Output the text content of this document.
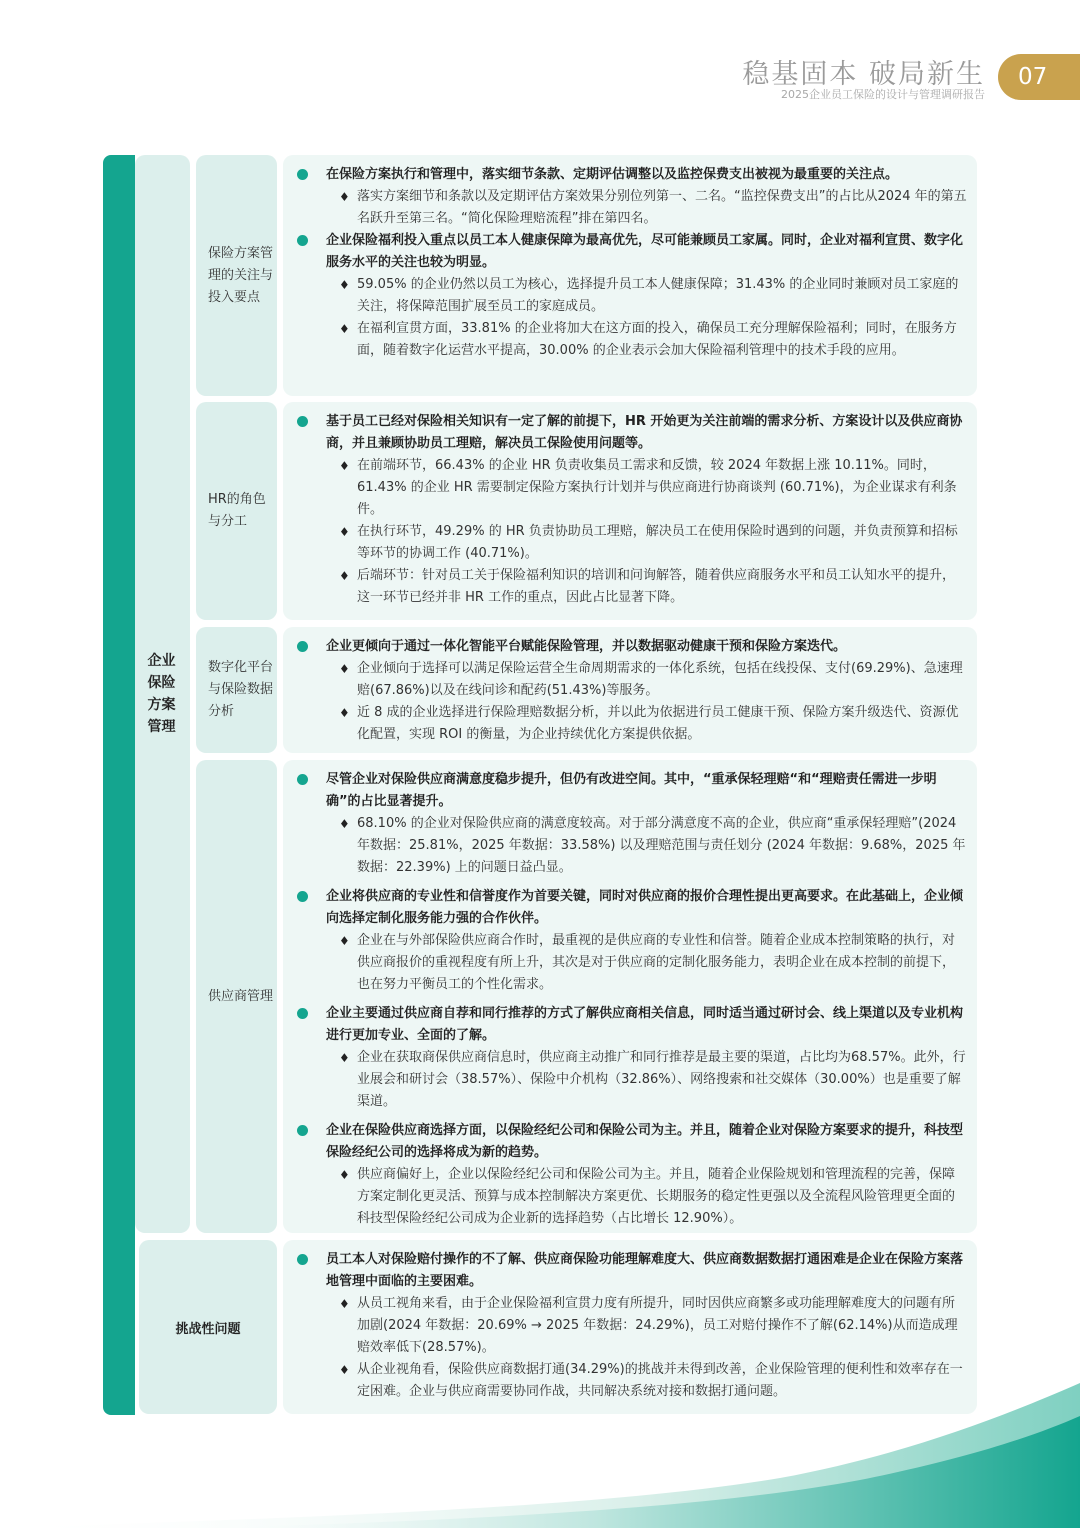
稳基固本 破局新生
2025企业员工保险的设计与管理调研报告
07
企业保险方案管理
保险方案管理的关注与投入要点
在保险方案执行和管理中，落实细节条款、定期评估调整以及监控保费支出被视为最重要的关注点。
♦ 落实方案细节和条款以及定期评估方案效果分别位列第一、二名。“监控保费支出”的占比从2024 年的第五名跃升至第三名。“简化保险理赔流程”排在第四名。
企业保险福利投入重点以员工本人健康保障为最高优先，尽可能兼顾员工家属。同时，企业对福利宣贯、数字化服务水平的关注也较为明显。
♦ 59.05% 的企业仍然以员工为核心，选择提升员工本人健康保障；31.43% 的企业同时兼顾对员工家庭的关注，将保障范围扩展至员工的家庭成员。
♦ 在福利宣贯方面，33.81% 的企业将加大在这方面的投入，确保员工充分理解保险福利；同时，在服务方面，随着数字化运营水平提高，30.00% 的企业表示会加大保险福利管理中的技术手段的应用。
HR的角色与分工
基于员工已经对保险相关知识有一定了解的前提下，HR 开始更为关注前端的需求分析、方案设计以及供应商协商，并且兼顾协助员工理赔，解决员工保险使用问题等。
♦ 在前端环节，66.43% 的企业 HR 负责收集员工需求和反馈，较 2024 年数据上涨 10.11%。同时，61.43% 的企业 HR 需要制定保险方案执行计划并与供应商进行协商谈判 (60.71%)，为企业谋求有利条件。
♦ 在执行环节，49.29% 的 HR 负责协助员工理赔，解决员工在使用保险时遇到的问题，并负责预算和招标等环节的协调工作 (40.71%)。
♦ 后端环节：针对员工关于保险福利知识的培训和问询解答，随着供应商服务水平和员工认知水平的提升，这一环节已经并非 HR 工作的重点，因此占比显著下降。
数字化平台与保险数据分析
企业更倾向于通过一体化智能平台赋能保险管理，并以数据驱动健康干预和保险方案迭代。
♦ 企业倾向于选择可以满足保险运营全生命周期需求的一体化系统，包括在线投保、支付(69.29%)、急速理赔(67.86%)以及在线问诊和配药(51.43%)等服务。
♦ 近 8 成的企业选择进行保险理赔数据分析，并以此为依据进行员工健康干预、保险方案升级迭代、资源优化配置，实现 ROI 的衡量，为企业持续优化方案提供依据。
供应商管理
尽管企业对保险供应商满意度稳步提升，但仍有改进空间。其中，“重承保轻理赔“和“理赔责任需进一步明确”的占比显著提升。
♦ 68.10% 的企业对保险供应商的满意度较高。对于部分满意度不高的企业，供应商“重承保轻理赔”(2024 年数据：25.81%，2025 年数据：33.58%) 以及理赔范围与责任划分 (2024 年数据：9.68%，2025 年数据：22.39%) 上的问题日益凸显。
企业将供应商的专业性和信誉度作为首要关键，同时对供应商的报价合理性提出更高要求。在此基础上，企业倾向选择定制化服务能力强的合作伙伴。
♦ 企业在与外部保险供应商合作时，最重视的是供应商的专业性和信誉。随着企业成本控制策略的执行，对供应商报价的重视程度有所上升，其次是对于供应商的定制化服务能力，表明企业在成本控制的前提下，也在努力平衡员工的个性化需求。
企业主要通过供应商自荐和同行推荐的方式了解供应商相关信息，同时适当通过研讨会、线上渠道以及专业机构进行更加专业、全面的了解。
♦ 企业在获取商保供应商信息时，供应商主动推广和同行推荐是最主要的渠道，占比均为68.57%。此外，行业展会和研讨会（38.57%）、保险中介机构（32.86%）、网络搜索和社交媒体（30.00%）也是重要了解渠道。
企业在保险供应商选择方面，以保险经纪公司和保险公司为主。并且，随着企业对保险方案要求的提升，科技型保险经纪公司的选择将成为新的趋势。
♦ 供应商偏好上，企业以保险经纪公司和保险公司为主。并且，随着企业保险规划和管理流程的完善，保障方案定制化更灵活、预算与成本控制解决方案更优、长期服务的稳定性更强以及全流程风险管理更全面的科技型保险经纪公司成为企业新的选择趋势（占比增长 12.90%）。
挑战性问题
员工本人对保险赔付操作的不了解、供应商保险功能理解难度大、供应商数据数据打通困难是企业在保险方案落地管理中面临的主要困难。
♦ 从员工视角来看，由于企业保险福利宣贯力度有所提升，同时因供应商繁多或功能理解难度大的问题有所加剧(2024 年数据：20.69% → 2025 年数据：24.29%)，员工对赔付操作不了解(62.14%)从而造成理赔效率低下(28.57%)。
♦ 从企业视角看，保险供应商数据打通(34.29%)的挑战并未得到改善，企业保险管理的便利性和效率存在一定困难。企业与供应商需要协同作战，共同解决系统对接和数据打通问题。
